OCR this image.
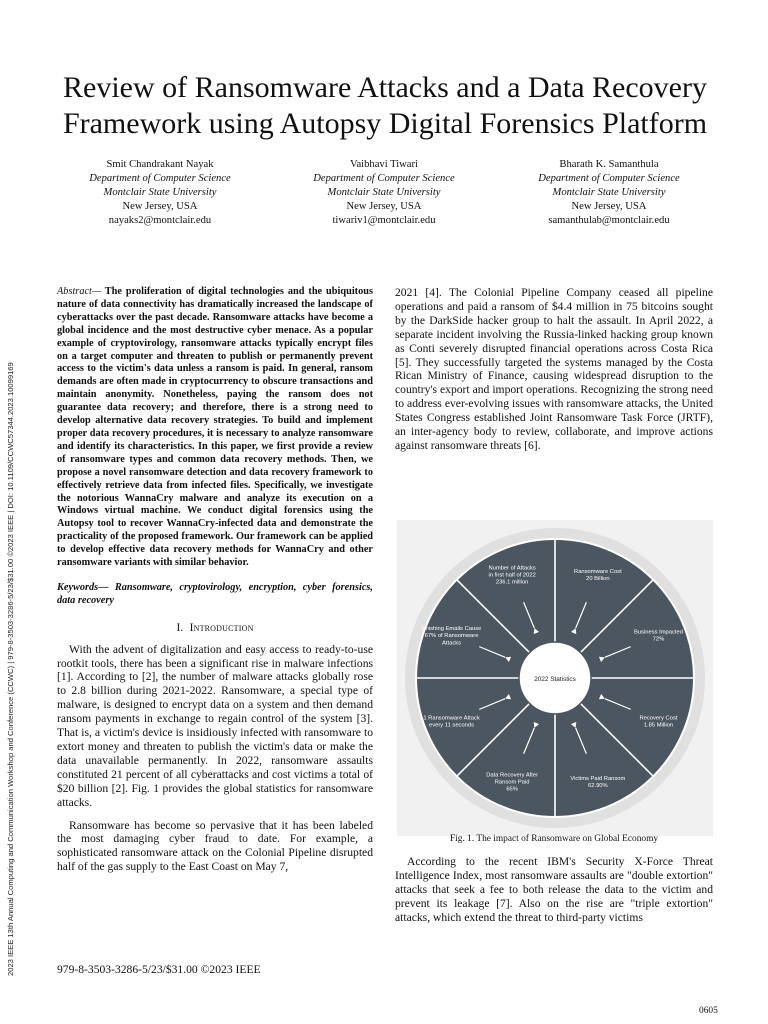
2023 IEEE 13th Annual Computing and Communication Workshop and Conference (CCWC) | 979-8-3503-3286-5/23/$31.00 ©2023 IEEE | DOI: 10.1109/CCWC57344.2023.10099169
Review of Ransomware Attacks and a Data Recovery
Framework using Autopsy Digital Forensics Platform
Smit Chandrakant Nayak
Department of Computer Science
Montclair State University
New Jersey, USA
nayaks2@montclair.edu
Vaibhavi Tiwari
Department of Computer Science
Montclair State University
New Jersey, USA
tiwariv1@montclair.edu
Bharath K. Samanthula
Department of Computer Science
Montclair State University
New Jersey, USA
samanthulab@montclair.edu
Abstract— The proliferation of digital technologies and the ubiquitous nature of data connectivity has dramatically increased the landscape of cyberattacks over the past decade. Ransomware attacks have become a global incidence and the most destructive cyber menace. As a popular example of cryptovirology, ransomware attacks typically encrypt files on a target computer and threaten to publish or permanently prevent access to the victim's data unless a ransom is paid. In general, ransom demands are often made in cryptocurrency to obscure transactions and maintain anonymity. Nonetheless, paying the ransom does not guarantee data recovery; and therefore, there is a strong need to develop alternative data recovery strategies. To build and implement proper data recovery procedures, it is necessary to analyze ransomware and identify its characteristics. In this paper, we first provide a review of ransomware types and common data recovery methods. Then, we propose a novel ransomware detection and data recovery framework to effectively retrieve data from infected files. Specifically, we investigate the notorious WannaCry malware and analyze its execution on a Windows virtual machine. We conduct digital forensics using the Autopsy tool to recover WannaCry-infected data and demonstrate the practicality of the proposed framework. Our framework can be applied to develop effective data recovery methods for WannaCry and other ransomware variants with similar behavior.
Keywords— Ransomware, cryptovirology, encryption, cyber forensics, data recovery
I. Introduction
With the advent of digitalization and easy access to ready-to-use rootkit tools, there has been a significant rise in malware infections [1]. According to [2], the number of malware attacks globally rose to 2.8 billion during 2021-2022. Ransomware, a special type of malware, is designed to encrypt data on a system and then demand ransom payments in exchange to regain control of the system [3]. That is, a victim's device is insidiously infected with ransomware to extort money and threaten to publish the victim's data or make the data unavailable permanently. In 2022, ransomware assaults constituted 21 percent of all cyberattacks and cost victims a total of $20 billion [2]. Fig. 1 provides the global statistics for ransomware attacks.
Ransomware has become so pervasive that it has been labeled the most damaging cyber fraud to date. For example, a sophisticated ransomware attack on the Colonial Pipeline disrupted half of the gas supply to the East Coast on May 7,
2021 [4]. The Colonial Pipeline Company ceased all pipeline operations and paid a ransom of $4.4 million in 75 bitcoins sought by the DarkSide hacker group to halt the assault. In April 2022, a separate incident involving the Russia-linked hacking group known as Conti severely disrupted financial operations across Costa Rica [5]. They successfully targeted the systems managed by the Costa Rican Ministry of Finance, causing widespread disruption to the country's export and import operations. Recognizing the strong need to address ever-evolving issues with ransomware attacks, the United States Congress established Joint Ransomware Task Force (JRTF), an inter-agency body to review, collaborate, and improve actions against ransomware threats [6].
2022 Statistics
Ransomware Cost 20 Billion
Business Impacted 72%
Recovery Cost 1.85 Million
Victims Paid Ransom 62.90%
Data Recovery After Ransom Paid 65%
1 Ransomware Attack every 11 seconds
Phishing Emails Cause 67% of Ransomware Attacks
Number of Attacks in first half of 2022 236.1 million
Fig. 1. The impact of Ransomware on Global Economy
According to the recent IBM's Security X-Force Threat Intelligence Index, most ransomware assaults are "double extortion" attacks that seek a fee to both release the data to the victim and prevent its leakage [7]. Also on the rise are "triple extortion" attacks, which extend the threat to third-party victims
979-8-3503-3286-5/23/$31.00 ©2023 IEEE
0605
